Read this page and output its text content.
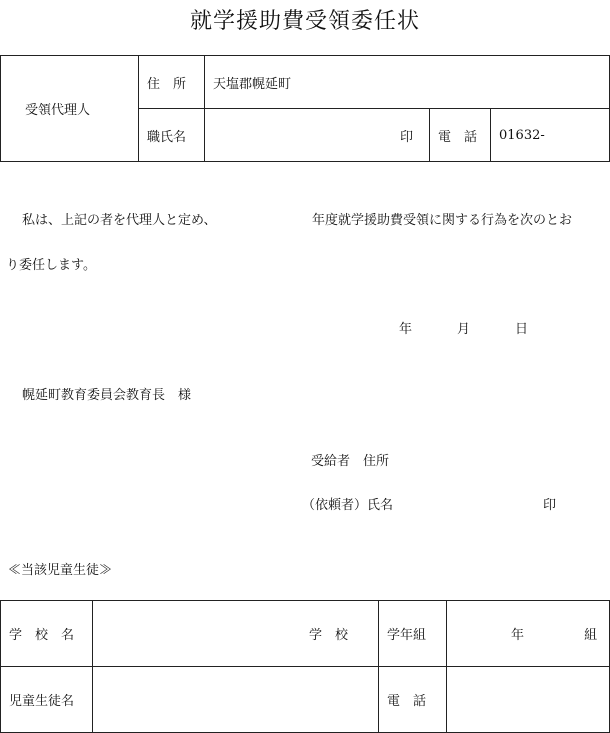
就学援助費受領委任状
受領代理人	住　所	天塩郡幌延町		
	職氏名	印	電　話	01632-
私は、上記の者を代理人と定め、	年度就学援助費受領に関する行為を次のとお
り委任します。
年	月	日
幌延町教育委員会教育長　様
受給者　住所
（依頼者）氏名	印
≪当該児童生徒≫
学　校　名	学　校	学年組	年 組
児童生徒名		電　話	
